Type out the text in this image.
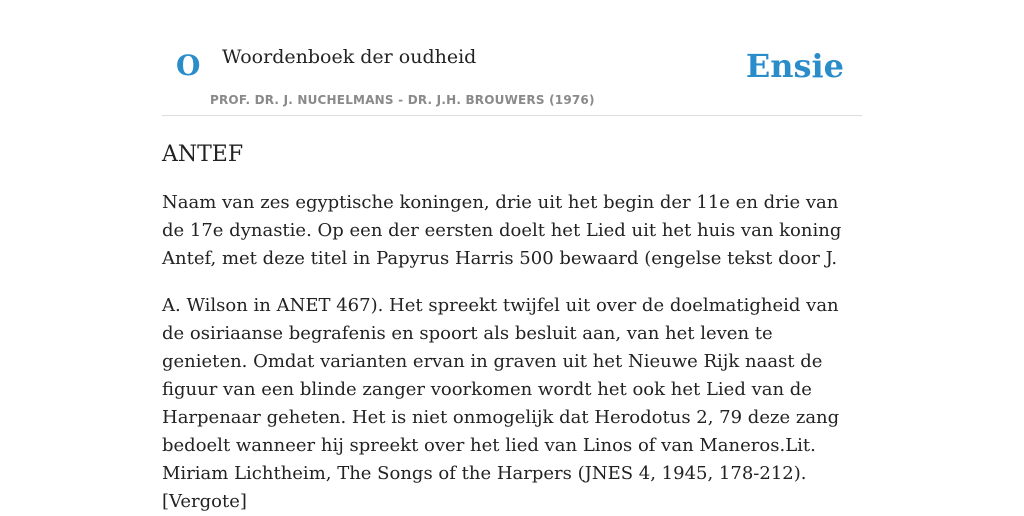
O Woordenboek der oudheid
PROF. DR. J. NUCHELMANS - DR. J.H. BROUWERS (1976)
Ensie
ANTEF

Naam van zes egyptische koningen, drie uit het begin der 11e en drie van de 17e dynastie. Op een der eersten doelt het Lied uit het huis van koning Antef, met deze titel in Papyrus Harris 500 bewaard (engelse tekst door J.

A. Wilson in ANET 467). Het spreekt twijfel uit over de doelmatigheid van de osiriaanse begrafenis en spoort als besluit aan, van het leven te genieten. Omdat varianten ervan in graven uit het Nieuwe Rijk naast de figuur van een blinde zanger voorkomen wordt het ook het Lied van de Harpenaar geheten. Het is niet onmogelijk dat Herodotus 2, 79 deze zang bedoelt wanneer hij spreekt over het lied van Linos of van Maneros.Lit. Miriam Lichtheim, The Songs of the Harpers (JNES 4, 1945, 178-212). [Vergote]
